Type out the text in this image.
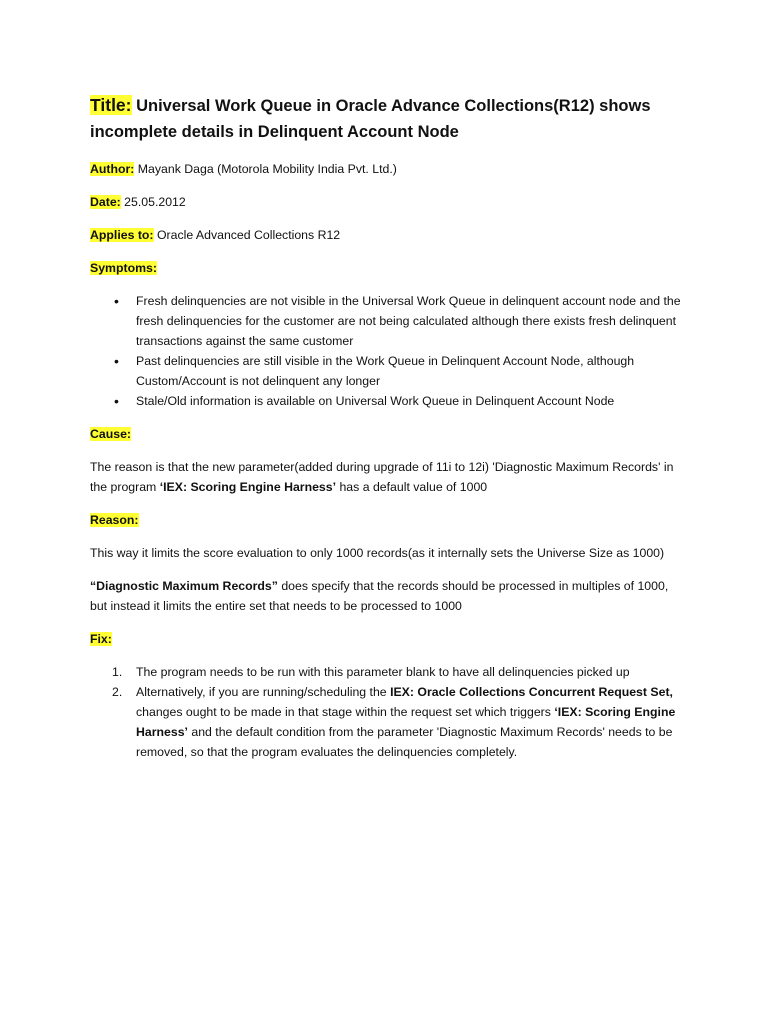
Title: Universal Work Queue in Oracle Advance Collections(R12) shows incomplete details in Delinquent Account Node
Author: Mayank Daga (Motorola Mobility India Pvt. Ltd.)
Date: 25.05.2012
Applies to: Oracle Advanced Collections R12
Symptoms:
• Fresh delinquencies are not visible in the Universal Work Queue in delinquent account node and the fresh delinquencies for the customer are not being calculated although there exists fresh delinquent transactions against the same customer
• Past delinquencies are still visible in the Work Queue in Delinquent Account Node, although Custom/Account is not delinquent any longer
• Stale/Old information is available on Universal Work Queue in Delinquent Account Node
Cause:

The reason is that the new parameter(added during upgrade of 11i to 12i) 'Diagnostic Maximum Records' in the program ‘IEX: Scoring Engine Harness’ has a default value of 1000

Reason:

This way it limits the score evaluation to only 1000 records(as it internally sets the Universe Size as 1000)

“Diagnostic Maximum Records” does specify that the records should be processed in multiples of 1000, but instead it limits the entire set that needs to be processed to 1000

Fix:
1. The program needs to be run with this parameter blank to have all delinquencies picked up
2. Alternatively, if you are running/scheduling the IEX: Oracle Collections Concurrent Request Set, changes ought to be made in that stage within the request set which triggers ‘IEX: Scoring Engine Harness’ and the default condition from the parameter 'Diagnostic Maximum Records' needs to be removed, so that the program evaluates the delinquencies completely.
